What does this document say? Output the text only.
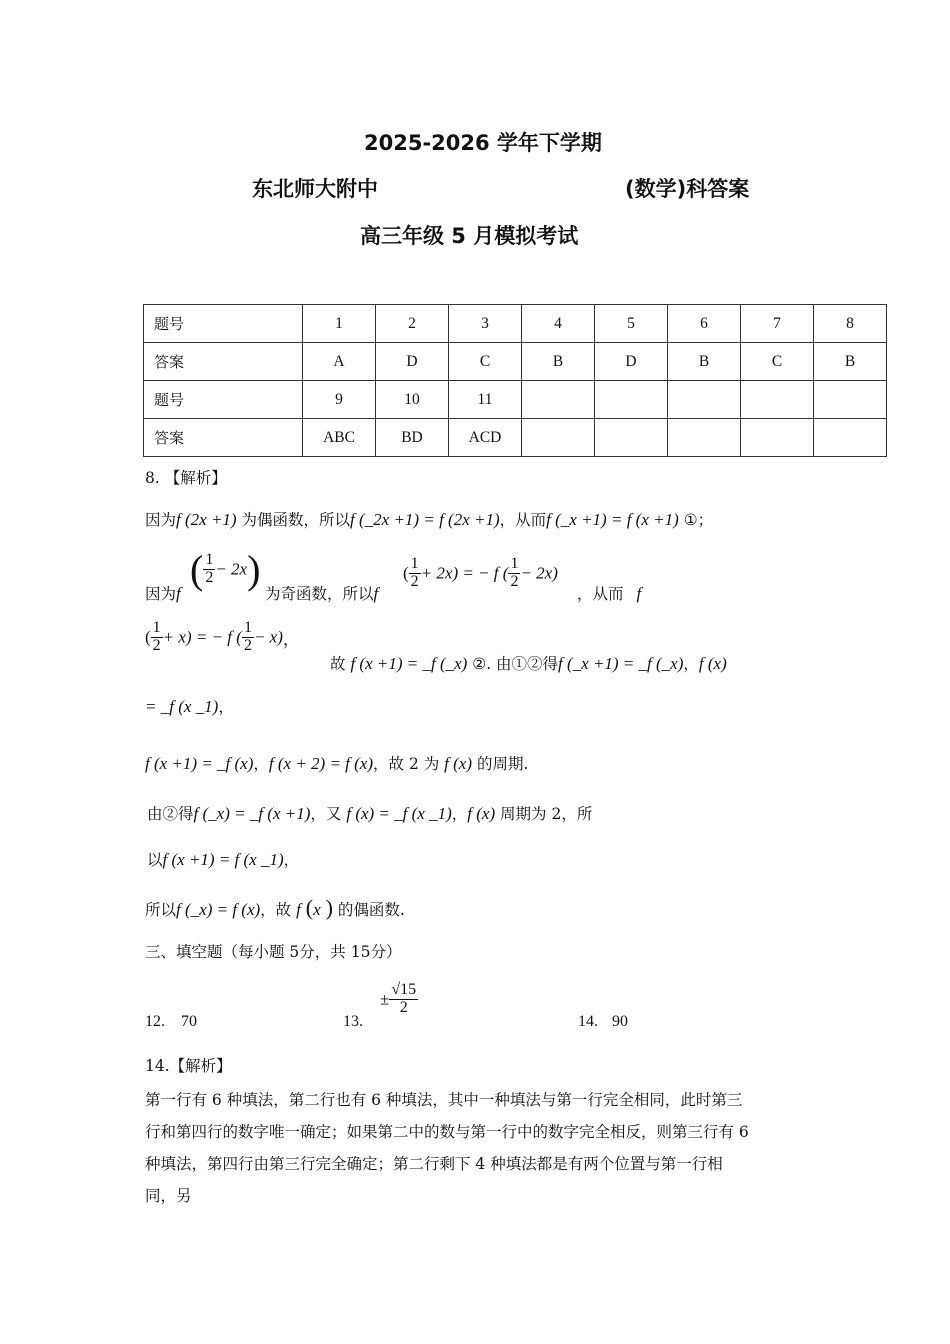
2025-2026 学年下学期
东北师大附中	(数学)科答案
高三年级 5 月模拟考试
题号	1	2	3	4	5	6	7	8
答案	A	D	C	B	D	B	C	B
题号	9	10	11					
答案	ABC	BD	ACD					
8. 【解析】
因为f (2x +1) 为偶函数，所以f (_2x +1) = f (2x +1)，从而f (_x +1) = f (x +1) ①；
因为f
( $\frac{1}{2} - 2x$)
为奇函数，所以f
( $\frac{1}{2} + 2x$) = − f ( $\frac{1}{2} - 2x$)
，从而 f
( $\frac{1}{2} + x$) = − f ( $\frac{1}{2} - x$)，
故 f (x +1) = _f (_x) ②. 由①②得f (_x +1) = _f (_x)，f (x)
= _f (x _1)，
f (x +1) = _f (x)，f (x + 2) = f (x)，故 2 为 f (x) 的周期.
由②得f (_x) = _f (x +1)，又 f (x) = _f (x _1)，f (x) 周期为 2，所
以f (x +1) = f (x _1)，
所以f (_x) = f (x)，故 f (x ) 的偶函数.
三、填空题（每小题 5分，共 15分）
12. 70	13.
± $\frac{√15}{2}$
14. 90
14.【解析】
第一行有 6 种填法，第二行也有 6 种填法，其中一种填法与第一行完全相同，此时第三
行和第四行的数字唯一确定；如果第二中的数与第一行中的数字完全相反，则第三行有 6
种填法，第四行由第三行完全确定；第二行剩下 4 种填法都是有两个位置与第一行相
同，另
